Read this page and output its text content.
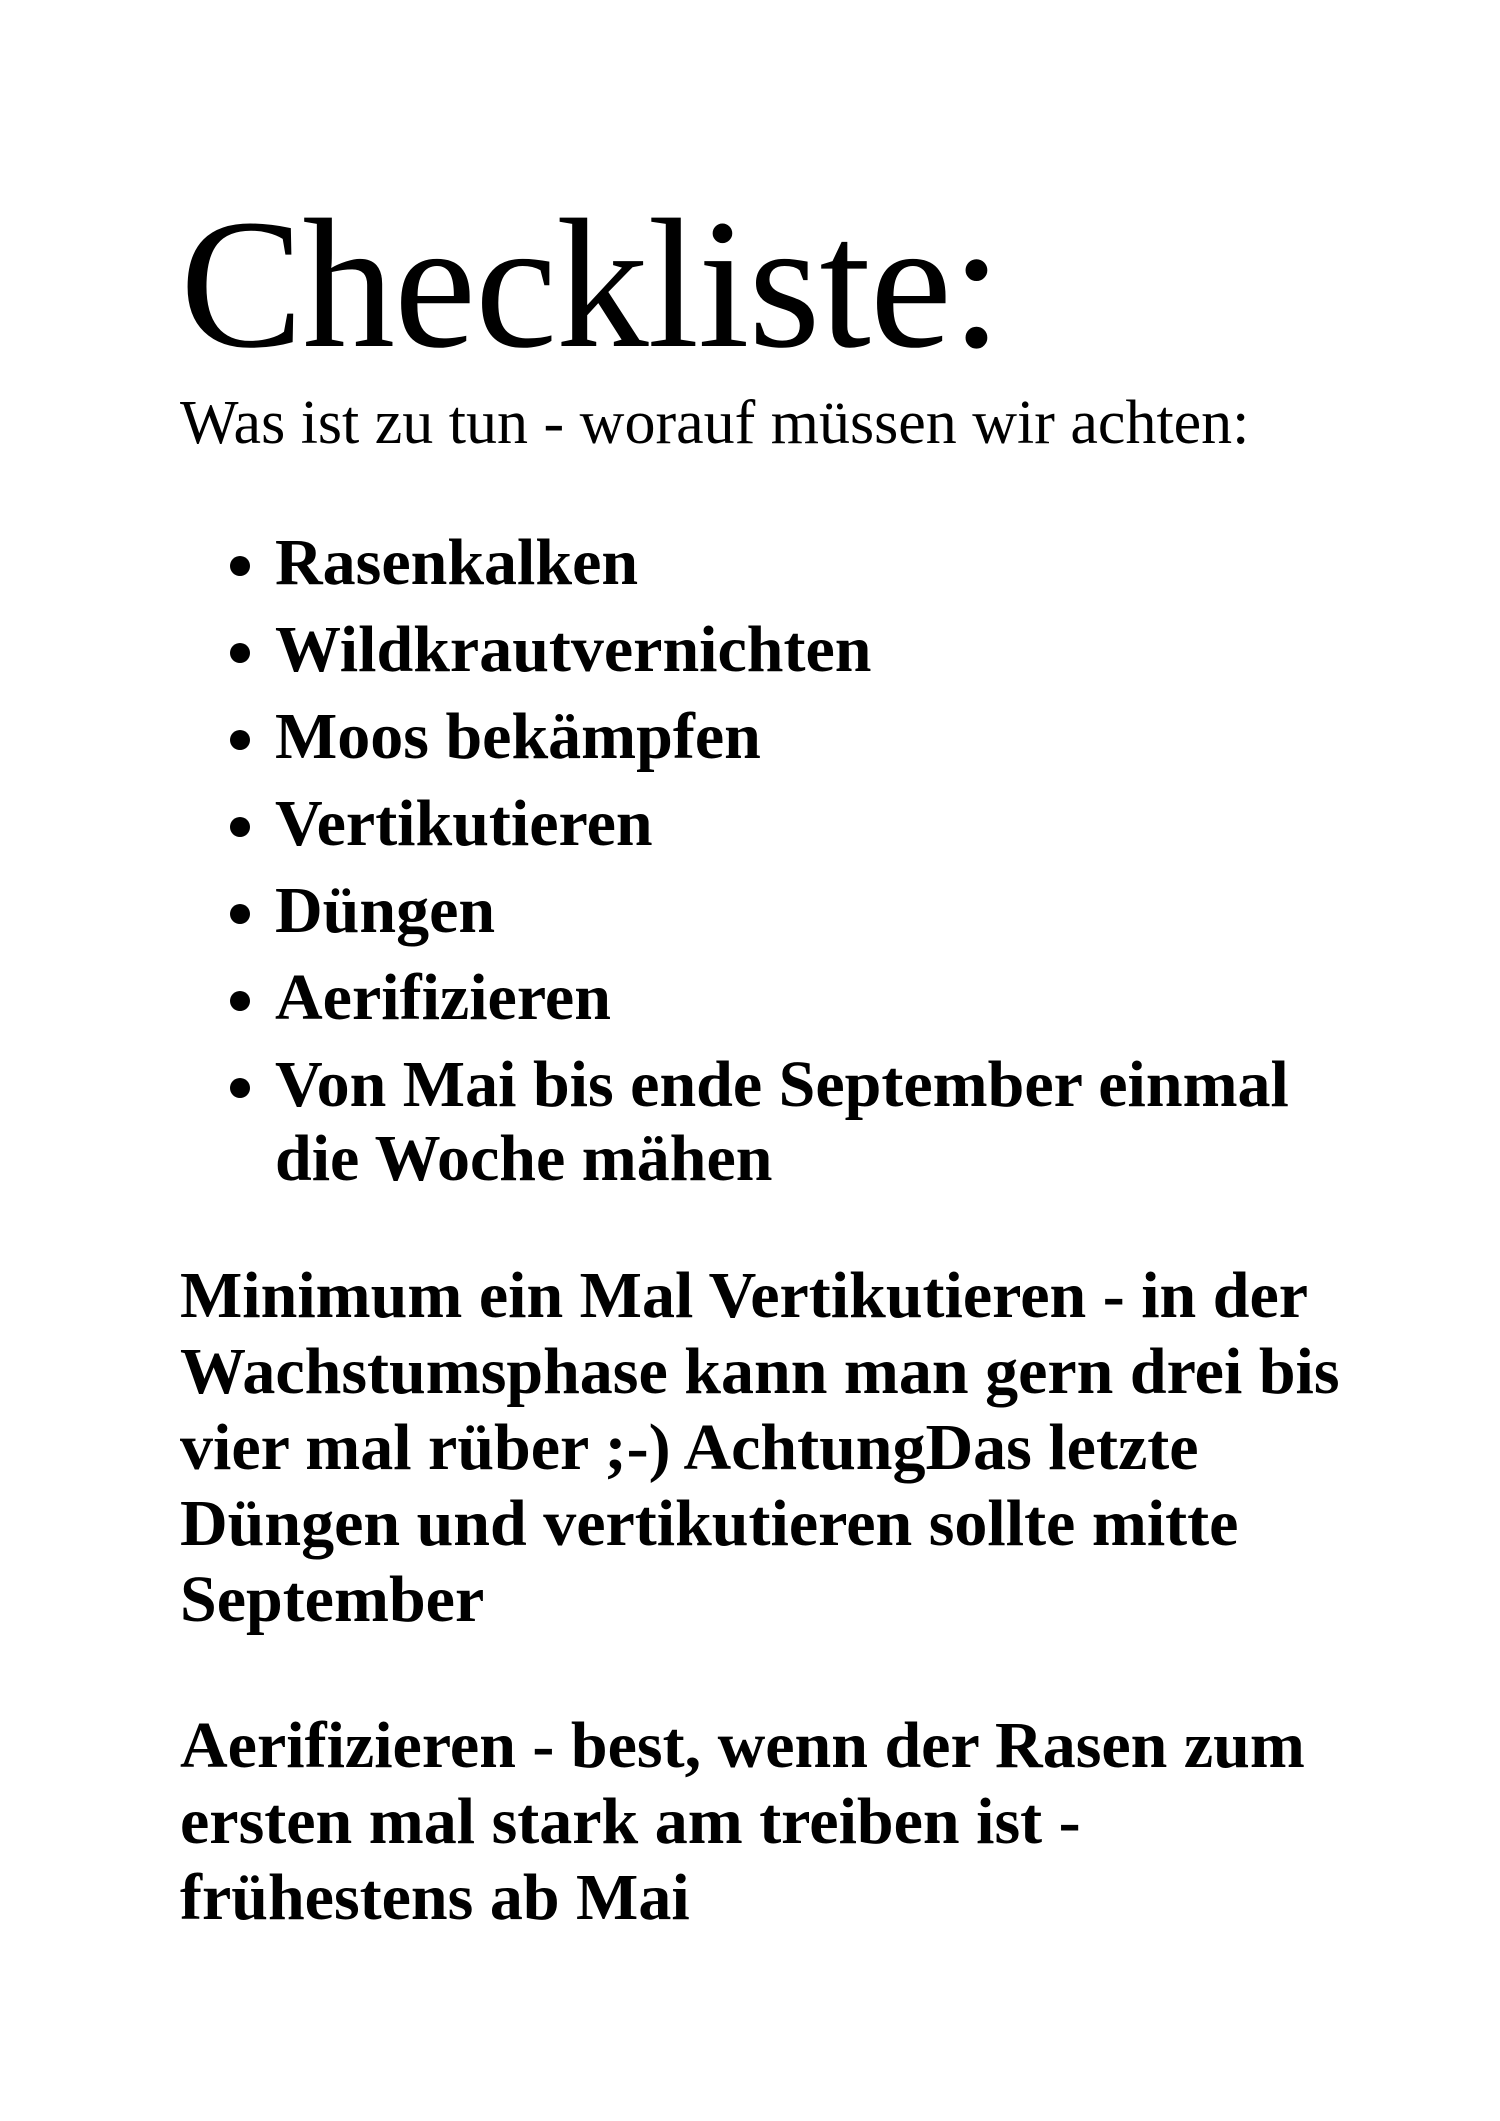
Checkliste:

Was ist zu tun - worauf müssen wir achten:

Rasenkalken
Wildkrautvernichten
Moos bekämpfen
Vertikutieren
Düngen
Aerifizieren
Von Mai bis ende September einmal die Woche mähen

Minimum ein Mal Vertikutieren - in der Wachstumsphase kann man gern drei bis vier mal rüber ;-) AchtungDas letzte Düngen und vertikutieren sollte mitte September

Aerifizieren - best, wenn der Rasen zum ersten mal stark am treiben ist - frühestens ab Mai
